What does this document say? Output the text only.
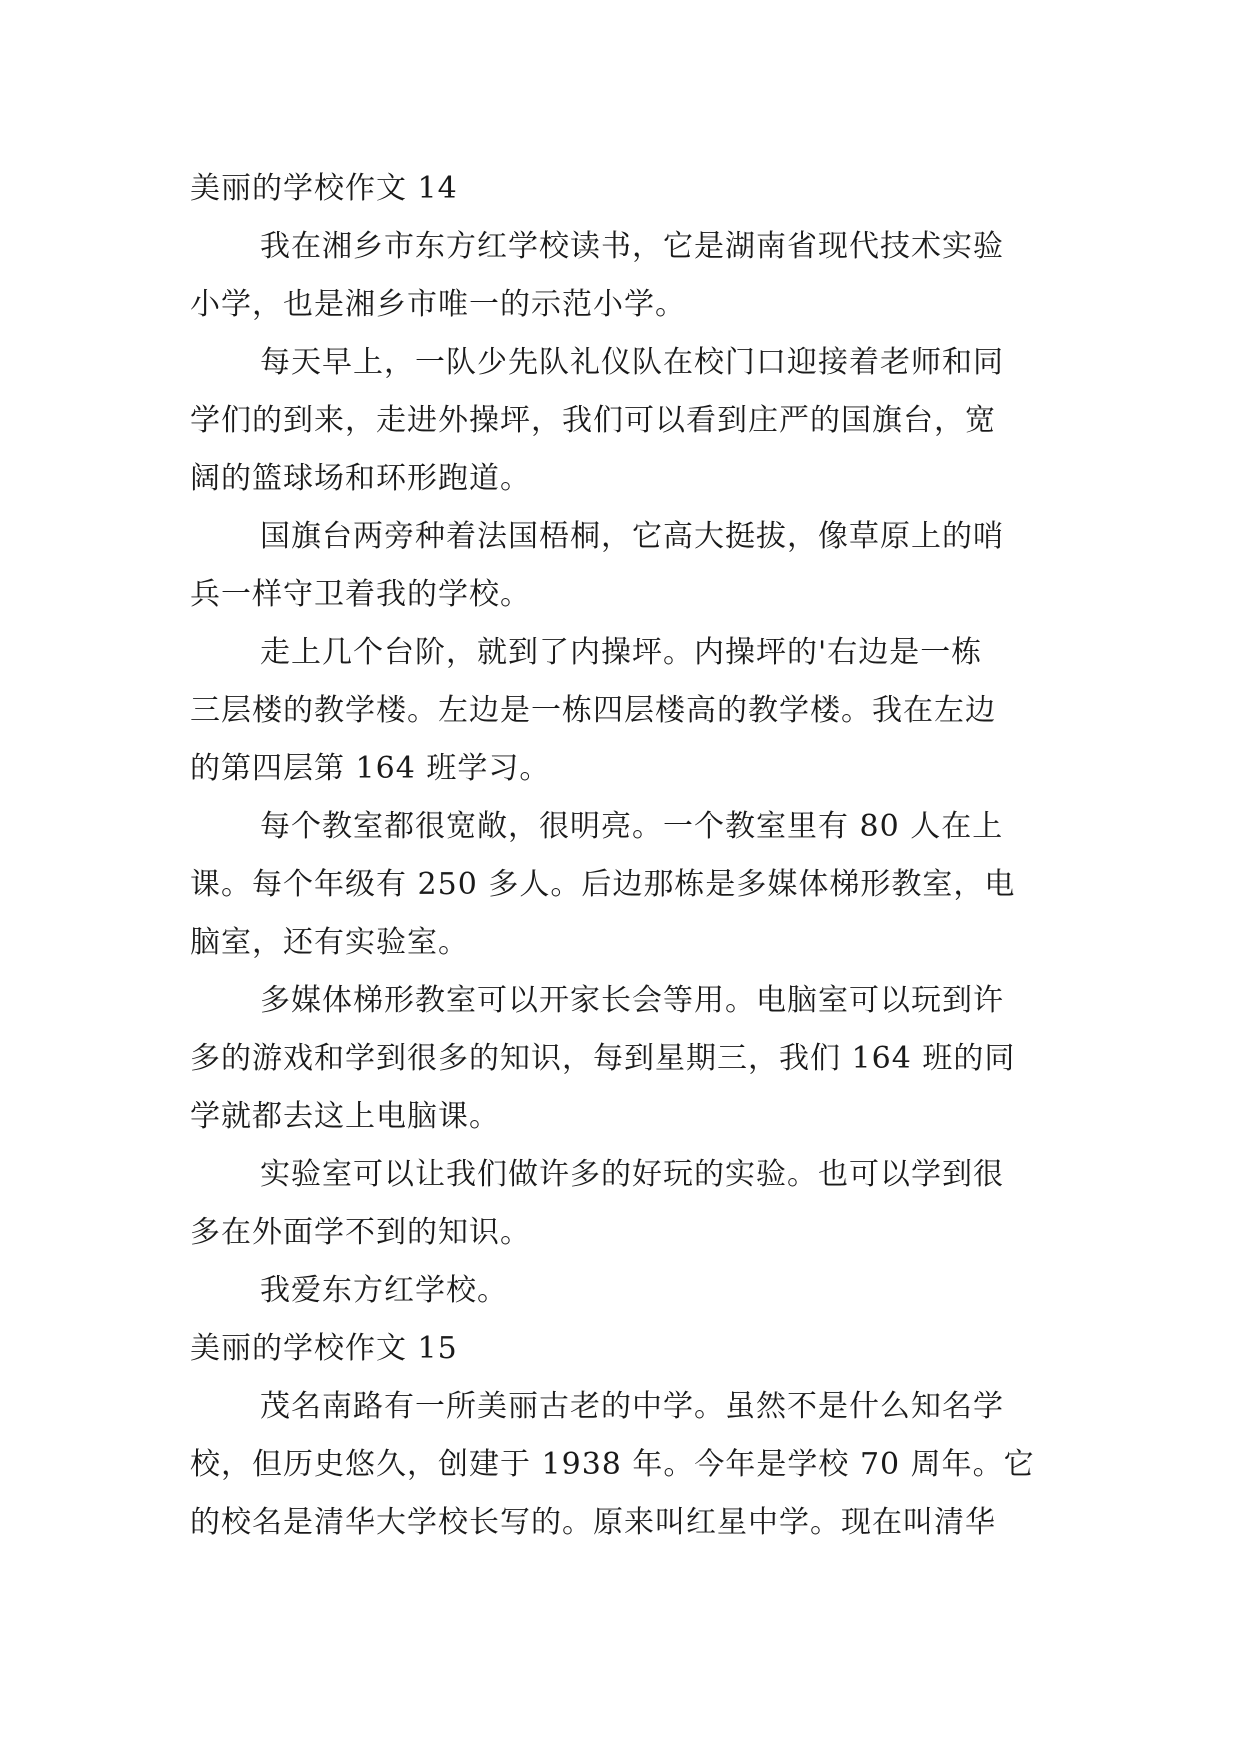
美丽的学校作文 14
我在湘乡市东方红学校读书，它是湖南省现代技术实验
小学，也是湘乡市唯一的示范小学。
每天早上，一队少先队礼仪队在校门口迎接着老师和同
学们的到来，走进外操坪，我们可以看到庄严的国旗台，宽
阔的篮球场和环形跑道。
国旗台两旁种着法国梧桐，它高大挺拔，像草原上的哨
兵一样守卫着我的学校。
走上几个台阶，就到了内操坪。内操坪的'右边是一栋
三层楼的教学楼。左边是一栋四层楼高的教学楼。我在左边
的第四层第 164 班学习。
每个教室都很宽敞，很明亮。一个教室里有 80 人在上
课。每个年级有 250 多人。后边那栋是多媒体梯形教室，电
脑室，还有实验室。
多媒体梯形教室可以开家长会等用。电脑室可以玩到许
多的游戏和学到很多的知识，每到星期三，我们 164 班的同
学就都去这上电脑课。
实验室可以让我们做许多的好玩的实验。也可以学到很
多在外面学不到的知识。
我爱东方红学校。
美丽的学校作文 15
茂名南路有一所美丽古老的中学。虽然不是什么知名学
校，但历史悠久，创建于 1938 年。今年是学校 70 周年。它
的校名是清华大学校长写的。原来叫红星中学。现在叫清华
